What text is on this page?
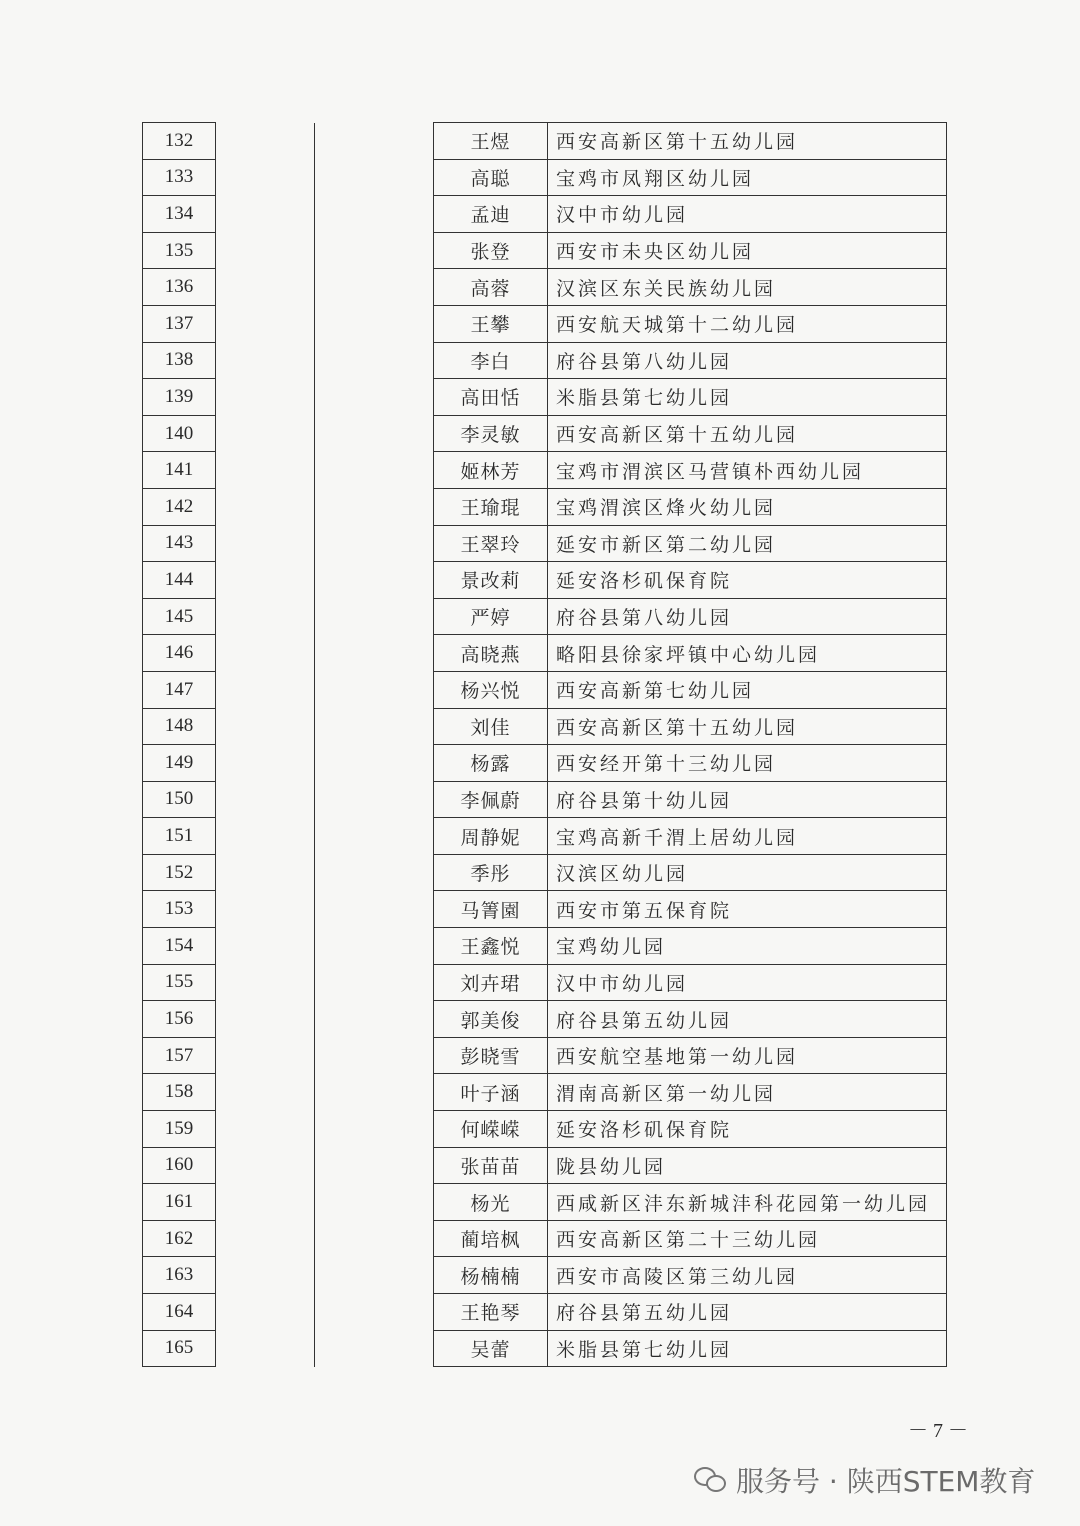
132			王煜	西安高新区第十五幼儿园
133			高聪	宝鸡市凤翔区幼儿园
134			孟迪	汉中市幼儿园
135			张登	西安市未央区幼儿园
136			高蓉	汉滨区东关民族幼儿园
137			王攀	西安航天城第十二幼儿园
138			李白	府谷县第八幼儿园
139			高田恬	米脂县第七幼儿园
140			李灵敏	西安高新区第十五幼儿园
141			姬林芳	宝鸡市渭滨区马营镇朴西幼儿园
142			王瑜琨	宝鸡渭滨区烽火幼儿园
143			王翠玲	延安市新区第二幼儿园
144			景改莉	延安洛杉矶保育院
145			严婷	府谷县第八幼儿园
146			高晓燕	略阳县徐家坪镇中心幼儿园
147			杨兴悦	西安高新第七幼儿园
148			刘佳	西安高新区第十五幼儿园
149			杨露	西安经开第十三幼儿园
150			李佩蔚	府谷县第十幼儿园
151			周静妮	宝鸡高新千渭上居幼儿园
152			季彤	汉滨区幼儿园
153			马箐園	西安市第五保育院
154			王鑫悦	宝鸡幼儿园
155			刘卉珺	汉中市幼儿园
156			郭美俊	府谷县第五幼儿园
157			彭晓雪	西安航空基地第一幼儿园
158			叶子涵	渭南高新区第一幼儿园
159			何嵘嵘	延安洛杉矶保育院
160			张苗苗	陇县幼儿园
161			杨光	西咸新区沣东新城沣科花园第一幼儿园
162			蔺培枫	西安高新区第二十三幼儿园
163			杨楠楠	西安市高陵区第三幼儿园
164			王艳琴	府谷县第五幼儿园
165			吴蕾	米脂县第七幼儿园
－ 7 －
服务号 · 陕西STEM教育
